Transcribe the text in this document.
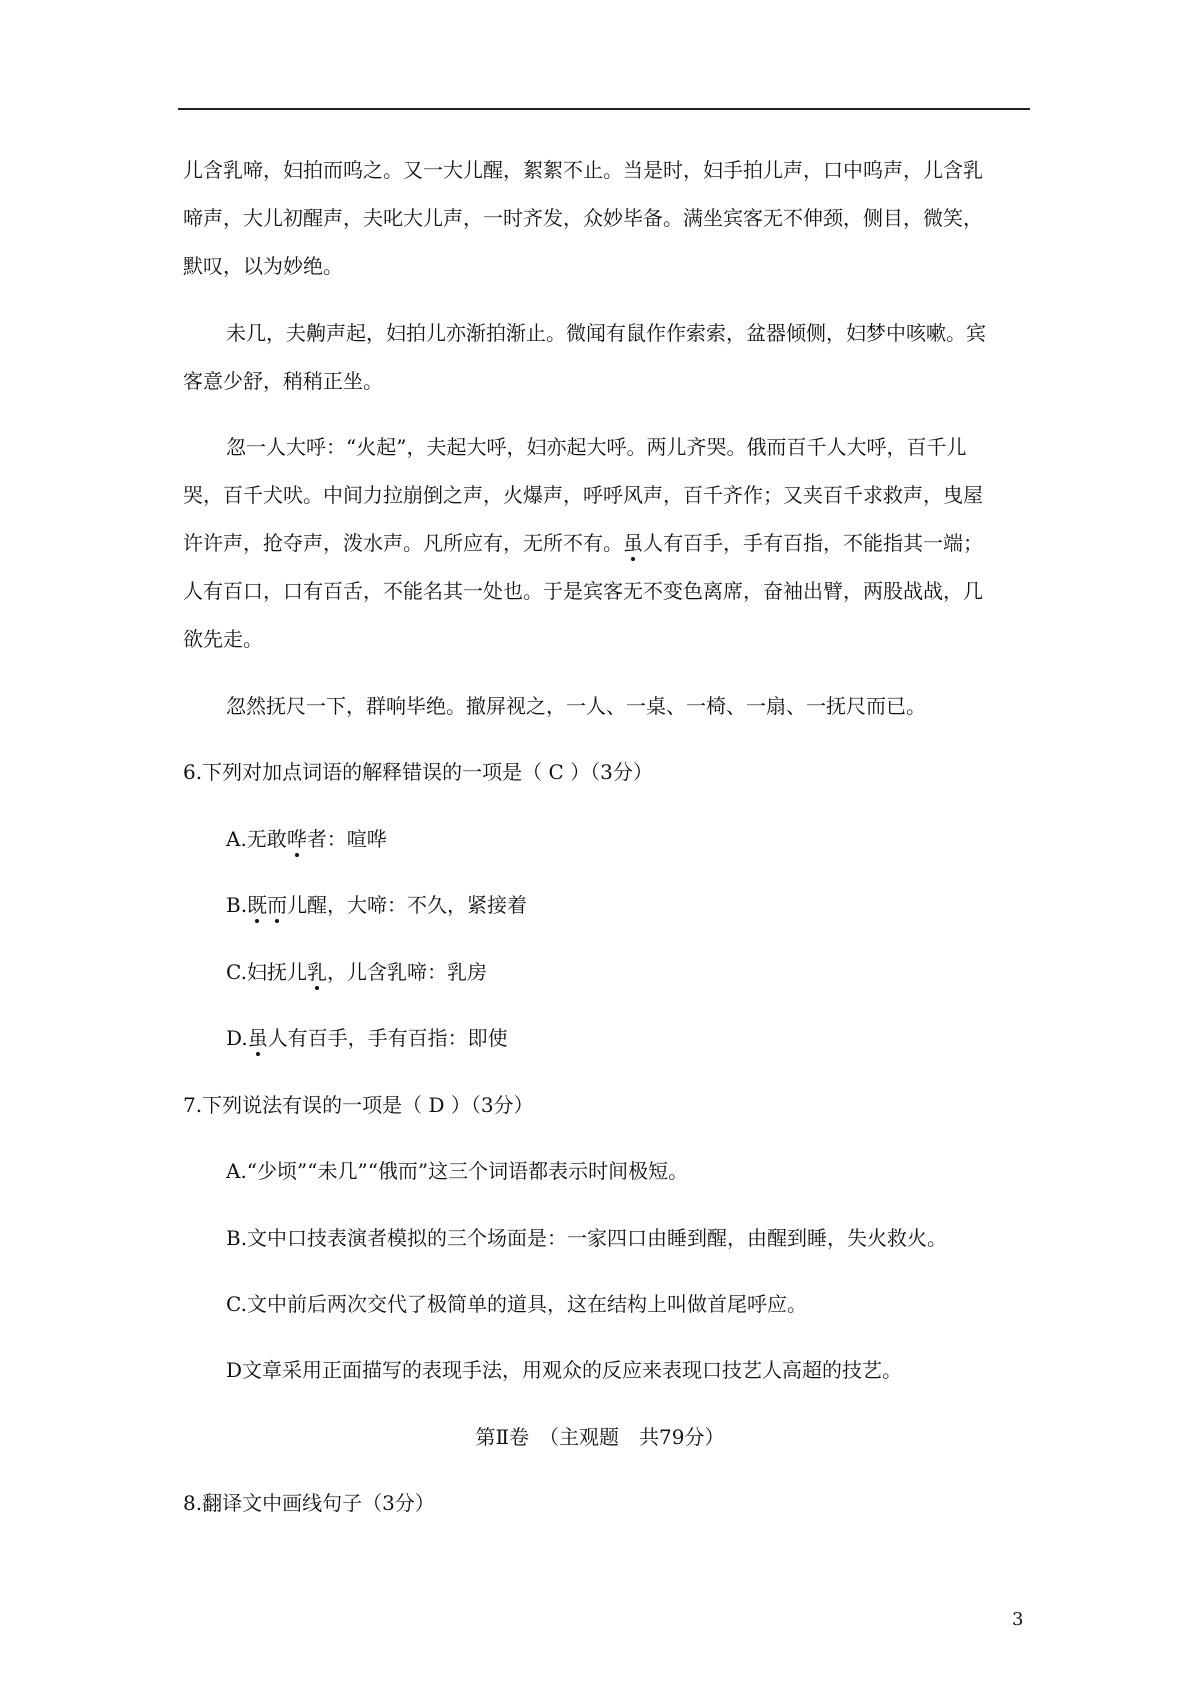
儿含乳啼，妇拍而呜之。又一大儿醒，絮絮不止。当是时，妇手拍儿声，口中呜声，儿含乳
啼声，大儿初醒声，夫叱大儿声，一时齐发，众妙毕备。满坐宾客无不伸颈，侧目，微笑，
默叹，以为妙绝。
未几，夫齁声起，妇拍儿亦渐拍渐止。微闻有鼠作作索索，盆器倾侧，妇梦中咳嗽。宾
客意少舒，稍稍正坐。
忽一人大呼：“火起”，夫起大呼，妇亦起大呼。两儿齐哭。俄而百千人大呼，百千儿
哭，百千犬吠。中间力拉崩倒之声，火爆声，呼呼风声，百千齐作；又夹百千求救声，曳屋
许许声，抢夺声，泼水声。凡所应有，无所不有。虽人有百手，手有百指，不能指其一端；
人有百口，口有百舌，不能名其一处也。于是宾客无不变色离席，奋袖出臂，两股战战，几
欲先走。
忽然抚尺一下，群响毕绝。撤屏视之，一人、一桌、一椅、一扇、一抚尺而已。
6.下列对加点词语的解释错误的一项是（ C ）（3分）
A.无敢哗者：喧哗
B.既而儿醒，大啼：不久，紧接着
C.妇抚儿乳，儿含乳啼：乳房
D.虽人有百手，手有百指：即使
7.下列说法有误的一项是（ D ）（3分）
A.“少顷”“未几”“俄而”这三个词语都表示时间极短。
B.文中口技表演者模拟的三个场面是：一家四口由睡到醒，由醒到睡，失火救火。
C.文中前后两次交代了极简单的道具，这在结构上叫做首尾呼应。
D文章采用正面描写的表现手法，用观众的反应来表现口技艺人高超的技艺。
第Ⅱ卷　（主观题　共79分）
8.翻译文中画线句子（3分）
3
